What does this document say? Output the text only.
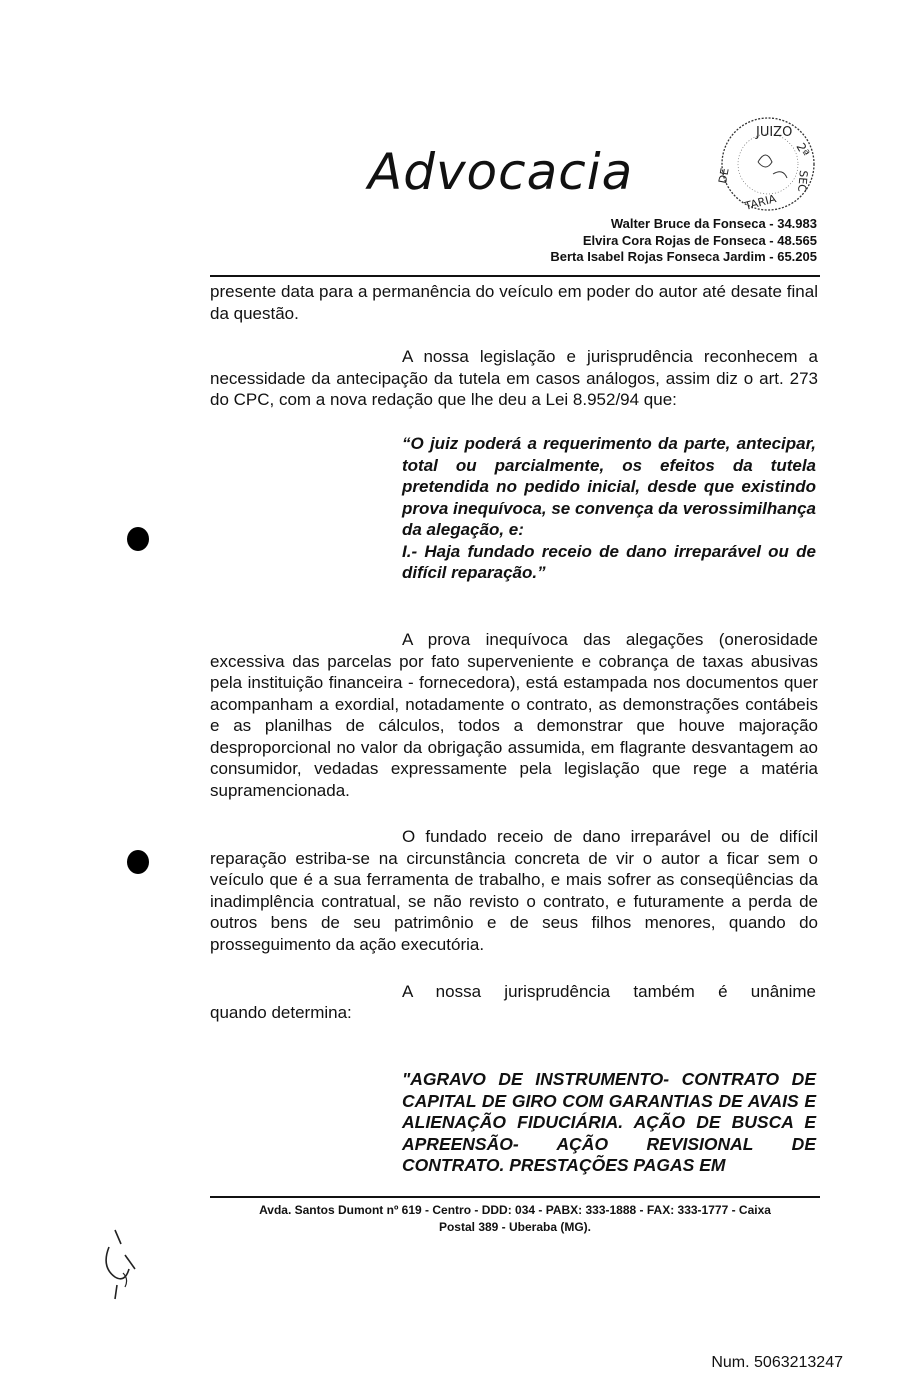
Advocacia
JUIZO
2ª
SEC
DE
TARIA
Walter Bruce da Fonseca - 34.983
Elvira Cora Rojas de Fonseca - 48.565
Berta Isabel Rojas Fonseca Jardim - 65.205
presente data para a permanência do veículo em poder do autor até desate final da questão.
A nossa legislação e jurisprudência reconhecem a necessidade da antecipação da tutela em casos análogos, assim diz o art. 273 do CPC, com a nova redação que lhe deu a Lei 8.952/94 que:
“O juiz poderá a requerimento da parte, antecipar, total ou parcialmente, os efeitos da tutela pretendida no pedido inicial, desde que existindo prova inequívoca, se convença da verossimilhança da alegação, e:
I.- Haja fundado receio de dano irreparável ou de difícil reparação.”
A prova inequívoca das alegações (onerosidade excessiva das parcelas por fato superveniente e cobrança de taxas abusivas pela instituição financeira - fornecedora), está estampada nos documentos quer acompanham a exordial, notadamente o contrato, as demonstrações contábeis e as planilhas de cálculos, todos a demonstrar que houve majoração desproporcional no valor da obrigação assumida, em flagrante desvantagem ao consumidor, vedadas expressamente pela legislação que rege a matéria supramencionada.
O fundado receio de dano irreparável ou de difícil reparação estriba-se na circunstância concreta de vir o autor a ficar sem o veículo que é a sua ferramenta de trabalho, e mais sofrer as conseqüências da inadimplência contratual, se não revisto o contrato, e futuramente a perda de outros bens de seu patrimônio e de seus filhos menores, quando do prosseguimento da ação executória.
A nossa jurisprudência também é unânime
quando determina:
"AGRAVO DE INSTRUMENTO- CONTRATO DE CAPITAL DE GIRO COM GARANTIAS DE AVAIS E ALIENAÇÃO FIDUCIÁRIA. AÇÃO DE BUSCA E APREENSÃO- AÇÃO REVISIONAL DE CONTRATO. PRESTAÇÕES PAGAS EM
Avda. Santos Dumont nº 619 - Centro - DDD: 034 - PABX: 333-1888 - FAX: 333-1777 - Caixa
Postal 389 - Uberaba (MG).
Num. 5063213247
